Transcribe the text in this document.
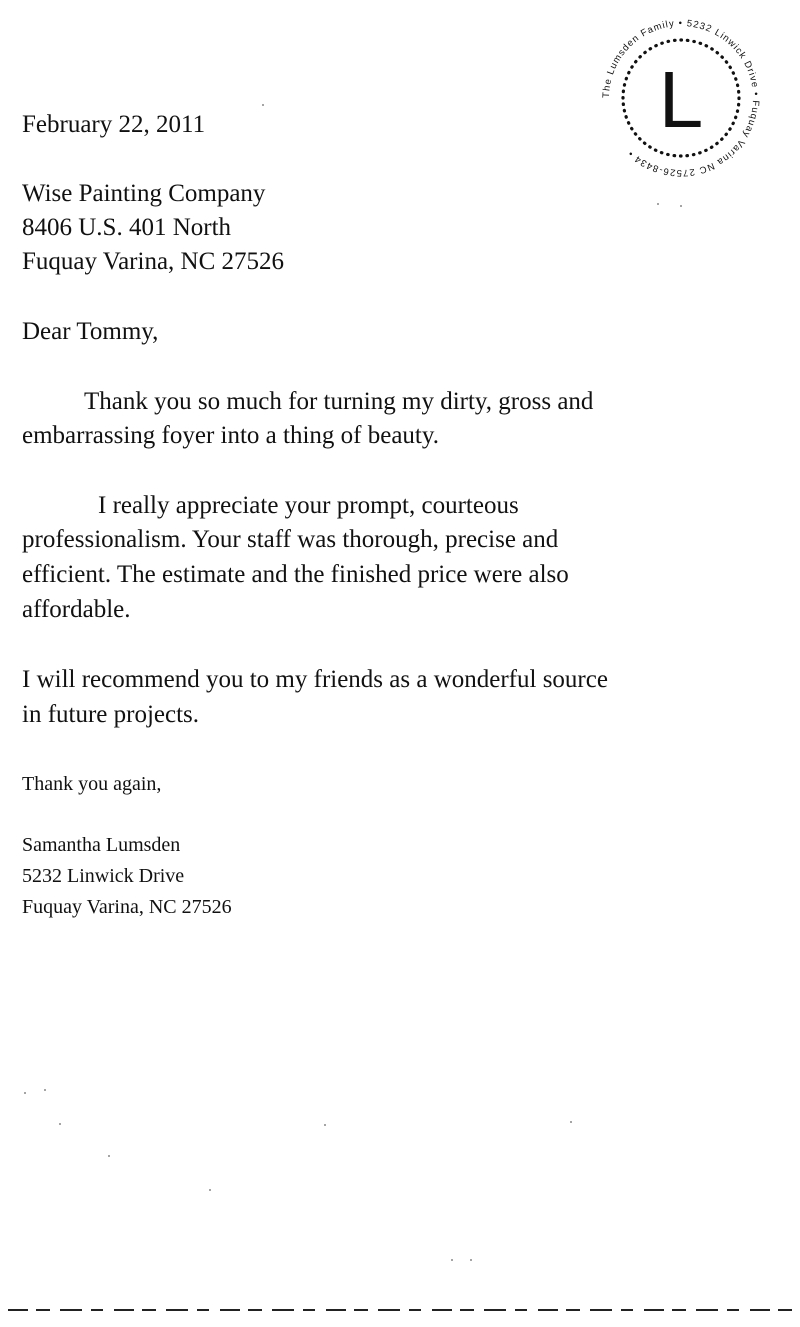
The Lumsden Family • 5232 Linwick Drive • Fuquay Varina NC 27526-8434 •
L
February 22, 2011
Wise Painting Company
8406 U.S. 401 North
Fuquay Varina, NC 27526
Dear Tommy,
Thank you so much for turning my dirty, gross and
embarrassing foyer into a thing of beauty.
I really appreciate your prompt, courteous
professionalism. Your staff was thorough, precise and
efficient. The estimate and the finished price were also
affordable.
I will recommend you to my friends as a wonderful source
in future projects.
Thank you again,
Samantha Lumsden
5232 Linwick Drive
Fuquay Varina, NC 27526
